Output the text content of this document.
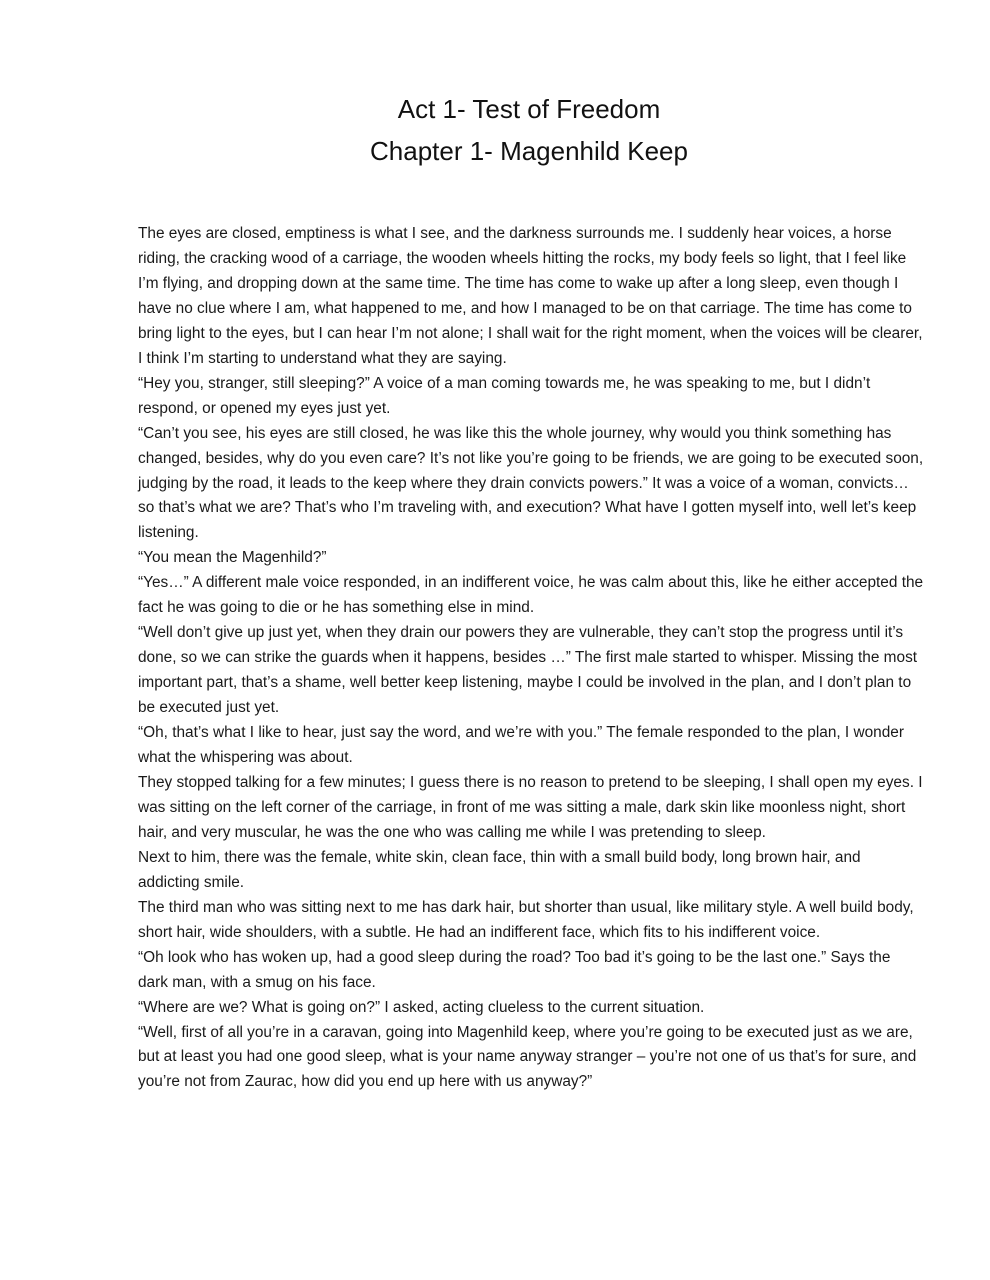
Act 1- Test of Freedom
Chapter 1- Magenhild Keep

The eyes are closed, emptiness is what I see, and the darkness surrounds me. I suddenly hear voices, a horse riding, the cracking wood of a carriage, the wooden wheels hitting the rocks, my body feels so light, that I feel like I’m flying, and dropping down at the same time. The time has come to wake up after a long sleep, even though I have no clue where I am, what happened to me, and how I managed to be on that carriage. The time has come to bring light to the eyes, but I can hear I’m not alone; I shall wait for the right moment, when the voices will be clearer, I think I’m starting to understand what they are saying.

“Hey you, stranger, still sleeping?” A voice of a man coming towards me, he was speaking to me, but I didn’t respond, or opened my eyes just yet.

“Can’t you see, his eyes are still closed, he was like this the whole journey, why would you think something has changed, besides, why do you even care? It’s not like you’re going to be friends, we are going to be executed soon, judging by the road, it leads to the keep where they drain convicts powers.” It was a voice of a woman, convicts…so that’s what we are? That’s who I’m traveling with, and execution? What have I gotten myself into, well let’s keep listening.

“You mean the Magenhild?”

“Yes…” A different male voice responded, in an indifferent voice, he was calm about this, like he either accepted the fact he was going to die or he has something else in mind.

“Well don’t give up just yet, when they drain our powers they are vulnerable, they can’t stop the progress until it’s done, so we can strike the guards when it happens, besides …” The first male started to whisper. Missing the most important part, that’s a shame, well better keep listening, maybe I could be involved in the plan, and I don’t plan to be executed just yet.

“Oh, that’s what I like to hear, just say the word, and we’re with you.” The female responded to the plan, I wonder what the whispering was about.

They stopped talking for a few minutes; I guess there is no reason to pretend to be sleeping, I shall open my eyes. I was sitting on the left corner of the carriage, in front of me was sitting a male, dark skin like moonless night, short hair, and very muscular, he was the one who was calling me while I was pretending to sleep.

Next to him, there was the female, white skin, clean face, thin with a small build body, long brown hair, and addicting smile.

The third man who was sitting next to me has dark hair, but shorter than usual, like military style. A well build body, short hair, wide shoulders, with a subtle. He had an indifferent face, which fits to his indifferent voice.

“Oh look who has woken up, had a good sleep during the road? Too bad it’s going to be the last one.” Says the dark man, with a smug on his face.

“Where are we? What is going on?” I asked, acting clueless to the current situation.

“Well, first of all you’re in a caravan, going into Magenhild keep, where you’re going to be executed just as we are, but at least you had one good sleep, what is your name anyway stranger – you’re not one of us that’s for sure, and you’re not from Zaurac, how did you end up here with us anyway?”
